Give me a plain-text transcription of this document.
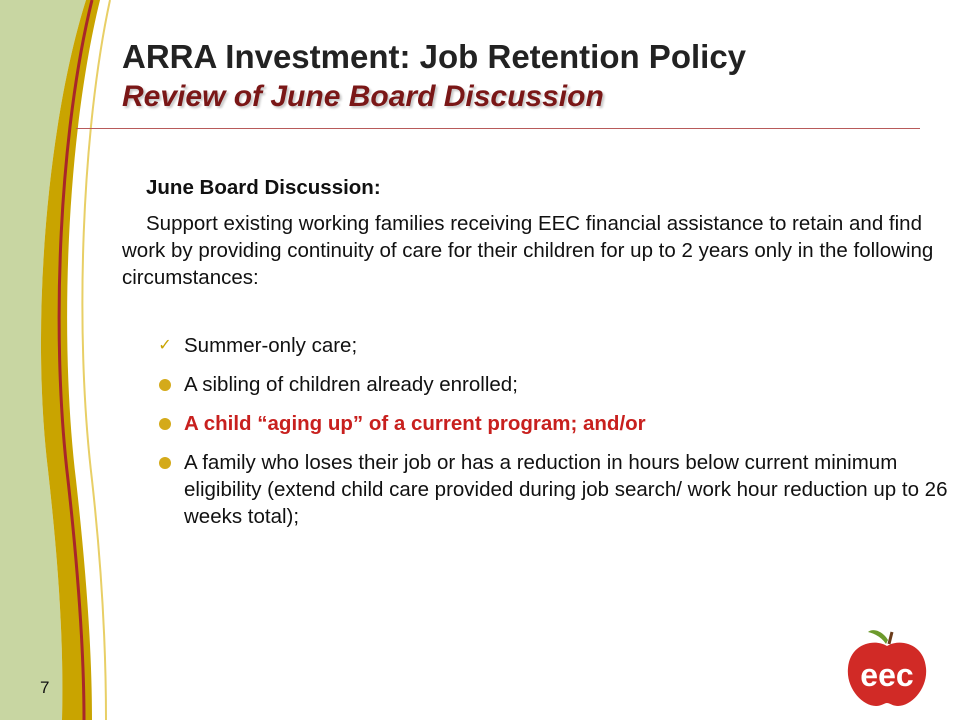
ARRA Investment: Job Retention Policy
Review of June Board Discussion
June Board Discussion:
Support existing working families receiving EEC financial assistance to retain and find work by providing continuity of care for their children for up to 2 years only in the following circumstances:
✓ Summer-only care;
A sibling of children already enrolled;
A child “aging up” of a current program; and/or
A family who loses their job or has a reduction in hours below current minimum eligibility (extend child care provided during job search/ work hour reduction up to 26 weeks total);
7	eec
